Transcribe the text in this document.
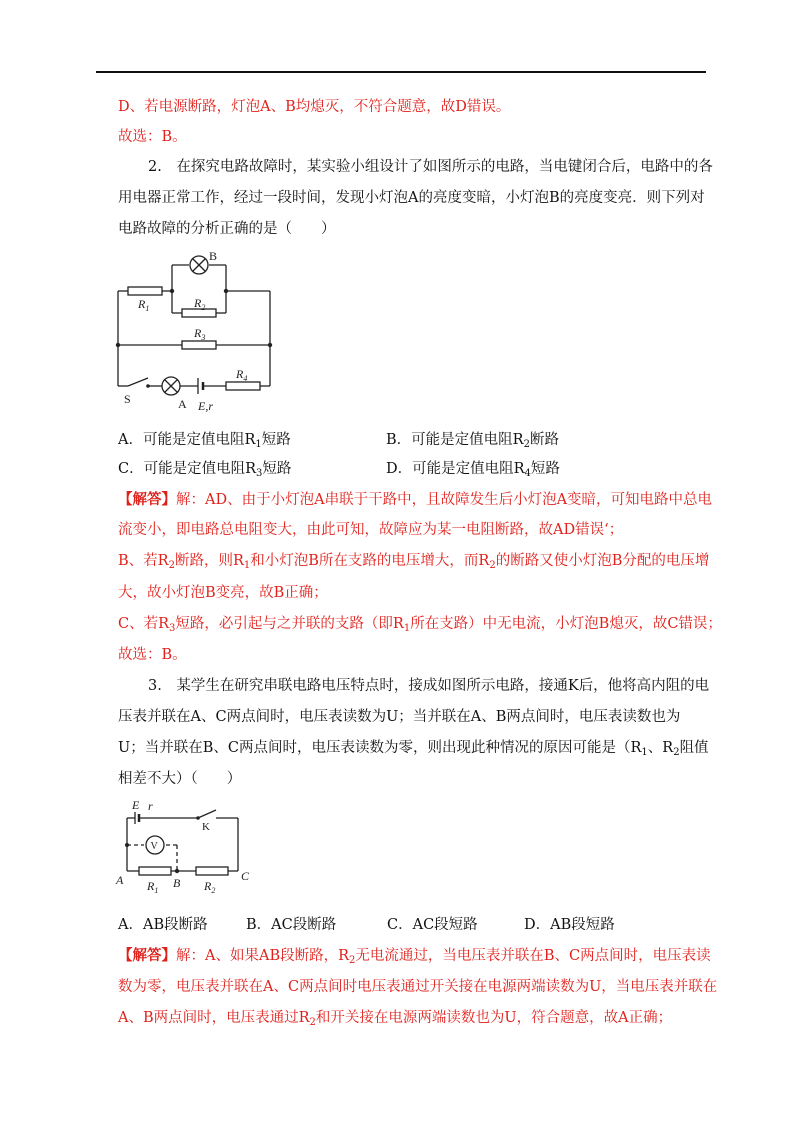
D、若电源断路，灯泡A、B均熄灭，不符合题意，故D错误。
故选：B。
2.　在探究电路故障时，某实验小组设计了如图所示的电路，当电键闭合后，电路中的各
用电器正常工作，经过一段时间，发现小灯泡A的亮度变暗，小灯泡B的亮度变亮．则下列对
电路故障的分析正确的是（　　）
B
$R_1$	$R_2$
$R_3$
$R_4$
S	A E,r
A．可能是定值电阻$R_1$短路	B．可能是定值电阻$R_2$断路
C．可能是定值电阻$R_3$短路	D．可能是定值电阻$R_4$短路
【解答】解：AD、由于小灯泡A串联于干路中，且故障发生后小灯泡A变暗，可知电路中总电
流变小，即电路总电阻变大，由此可知，故障应为某一电阻断路，故AD错误‘；
B、若$R_2$断路，则$R_1$和小灯泡B所在支路的电压增大，而$R_2$的断路又使小灯泡B分配的电压增
大，故小灯泡B变亮，故B正确；
C、若$R_3$短路，必引起与之并联的支路（即$R_1$所在支路）中无电流，小灯泡B熄灭，故C错误；
故选：B。
3.　某学生在研究串联电路电压特点时，接成如图所示电路，接通K后，他将高内阻的电
压表并联在A、C两点间时，电压表读数为U；当并联在A、B两点间时，电压表读数也为
U；当并联在B、C两点间时，电压表读数为零，则出现此种情况的原因可能是（$R_1$、$R_2$阻值
相差不大）（　　）
E r
A	B	C
$R_1$	$R_2$
K
V
A．AB段断路	B．AC段断路	C．AC段短路	D．AB段短路
【解答】解：A、如果AB段断路，$R_2$无电流通过，当电压表并联在B、C两点间时，电压表读
数为零，电压表并联在A、C两点间时电压表通过开关接在电源两端读数为U，当电压表并联在
A、B两点间时，电压表通过$R_2$和开关接在电源两端读数也为U，符合题意，故A正确；
